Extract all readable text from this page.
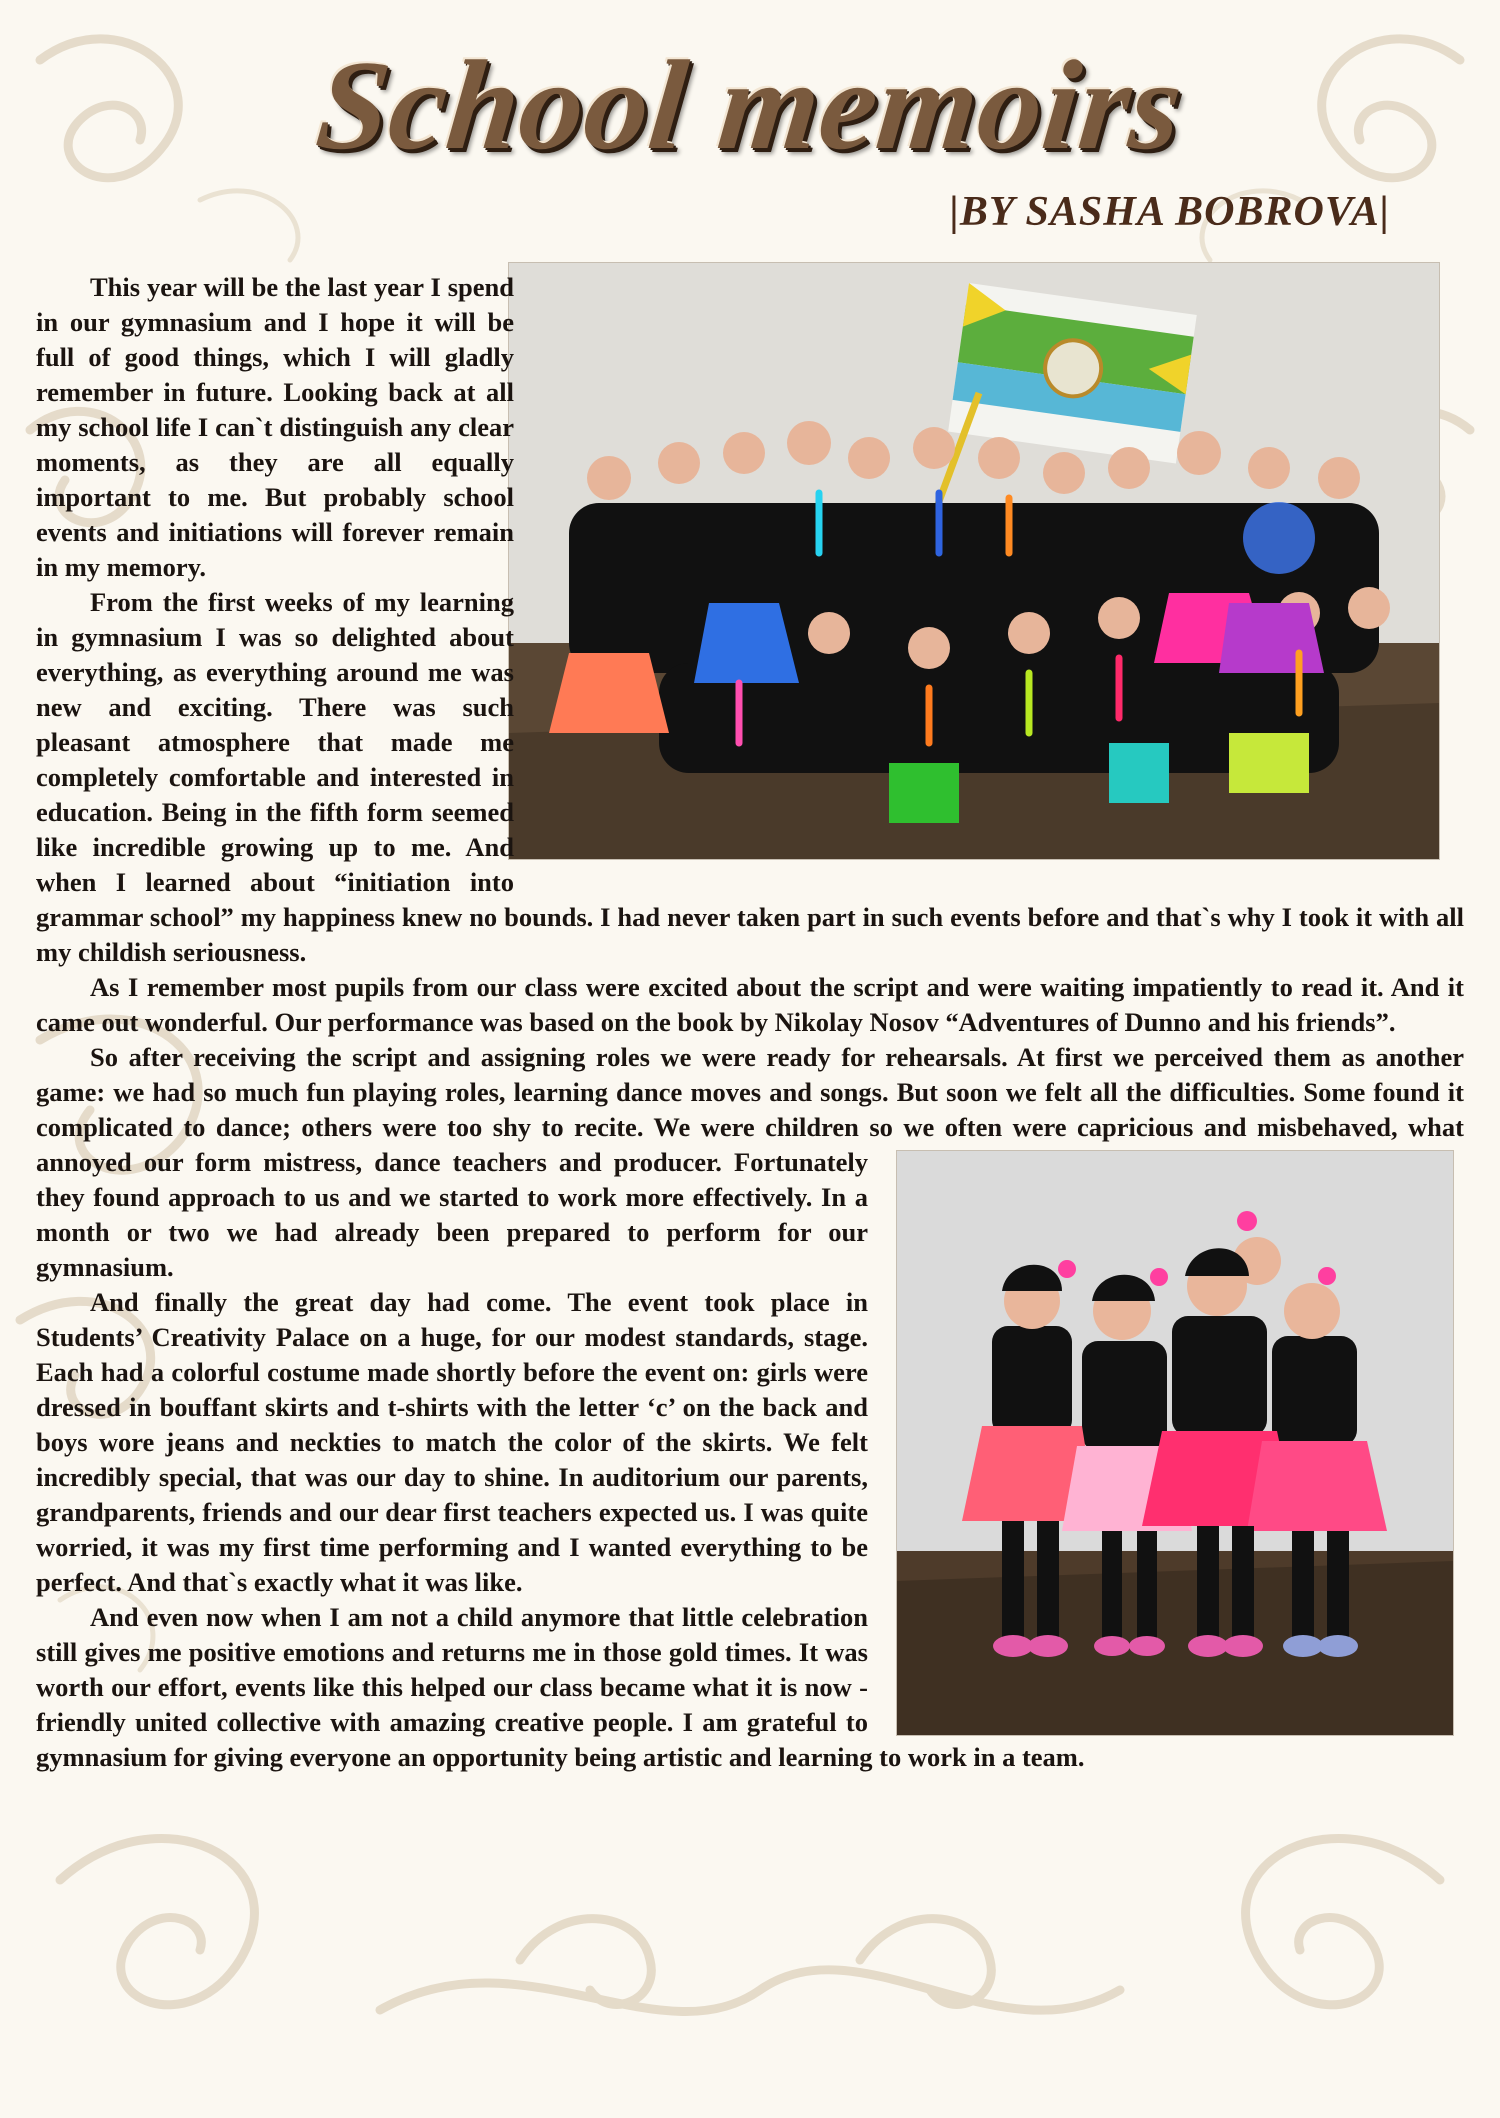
School memoirs
|BY SASHA BOBROVA|

This year will be the last year I spend in our gymnasium and I hope it will be full of good things, which I will gladly remember in future. Looking back at all my school life I can`t distinguish any clear moments, as they are all equally important to me. But probably school events and initiations will forever remain in my memory.

From the first weeks of my learning in gymnasium I was so delighted about everything, as everything around me was new and exciting. There was such pleasant atmosphere that made me completely comfortable and interested in education. Being in the fifth form seemed like incredible growing up to me. And when I learned about “initiation into grammar school” my happiness knew no bounds. I had never taken part in such events before and that`s why I took it with all my childish seriousness.

As I remember most pupils from our class were excited about the script and were waiting impatiently to read it. And it came out wonderful. Our performance was based on the book by Nikolay Nosov “Adventures of Dunno and his friends”.

So after receiving the script and assigning roles we were ready for rehearsals. At first we perceived them as another game: we had so much fun playing roles, learning dance moves and songs. But soon we felt all the difficulties. Some found it complicated to dance; others were too shy to recite. We were children so we often were capricious and misbehaved, what annoyed our form mistress, dance teachers and producer. Fortunately they found approach to us and we started to work more effectively. In a month or two we had already been prepared to perform for our gymnasium.

And finally the great day had come. The event took place in Students’ Creativity Palace on a huge, for our modest standards, stage. Each had a colorful costume made shortly before the event on: girls were dressed in bouffant skirts and t-shirts with the letter ‘c’ on the back and boys wore jeans and neckties to match the color of the skirts. We felt incredibly special, that was our day to shine. In auditorium our parents, grandparents, friends and our dear first teachers expected us. I was quite worried, it was my first time performing and I wanted everything to be perfect. And that`s exactly what it was like.

And even now when I am not a child anymore that little celebration still gives me positive emotions and returns me in those gold times. It was worth our effort, events like this helped our class became what it is now - friendly united collective with amazing creative people. I am grateful to gymnasium for giving everyone an opportunity being artistic and learning to work in a team.
